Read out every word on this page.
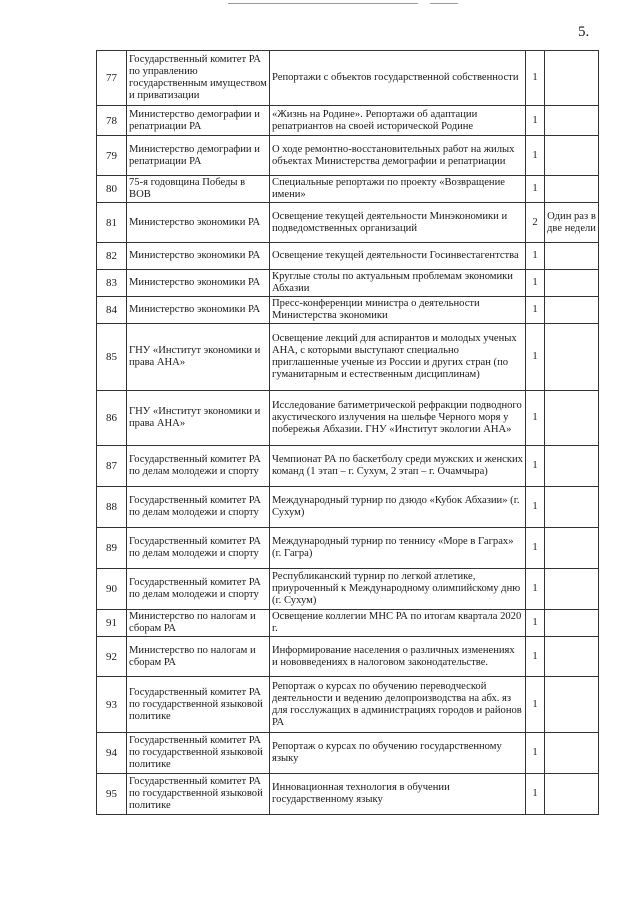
5.
77	Государственный комитет РА по управлению государственным имуществом и приватизации	Репортажи с объектов государственной собственности	1	
78	Министерство демографии и репатриации РА	«Жизнь на Родине». Репортажи об адаптации репатриантов на своей исторической Родине	1	
79	Министерство демографии и репатриации РА	О ходе ремонтно-восстановительных работ на жилых объектах Министерства демографии и репатриации	1	
80	75-я годовщина Победы в ВОВ	Специальные репортажи по проекту «Возвращение имени»	1	
81	Министерство экономики РА	Освещение текущей деятельности Минэкономики и подведомственных организаций	2	Один раз в две недели
82	Министерство экономики РА	Освещение текущей деятельности Госинвестагентства	1	
83	Министерство экономики РА	Круглые столы по актуальным проблемам экономики Абхазии	1	
84	Министерство экономики РА	Пресс-конференции министра о деятельности Министерства экономики	1	
85	ГНУ «Институт экономики и права АНА»	Освещение лекций для аспирантов и молодых ученых АНА, с которыми выступают специально приглашенные ученые из России и других стран (по гуманитарным и естественным дисциплинам)	1	
86	ГНУ «Институт экономики и права АНА»	Исследование батиметрической рефракции подводного акустического излучения на шельфе Черного моря у побережья Абхазии. ГНУ «Институт экологии АНА»	1	
87	Государственный комитет РА по делам молодежи и спорту	Чемпионат РА по баскетболу среди мужских и женских команд (1 этап – г. Сухум, 2 этап – г. Очамчыра)	1	
88	Государственный комитет РА по делам молодежи и спорту	Международный турнир по дзюдо «Кубок Абхазии» (г. Сухум)	1	
89	Государственный комитет РА по делам молодежи и спорту	Международный турнир по теннису «Море в Гаграх» (г. Гагра)	1	
90	Государственный комитет РА по делам молодежи и спорту	Республиканский турнир по легкой атлетике, приуроченный к Международному олимпийскому дню (г. Сухум)	1	
91	Министерство по налогам и сборам РА	Освещение коллегии МНС РА по итогам квартала 2020 г.	1	
92	Министерство по налогам и сборам РА	Информирование населения о различных изменениях и нововведениях в налоговом законодательстве.	1	
93	Государственный комитет РА по государственной языковой политике	Репортаж о курсах по обучению переводческой деятельности и ведению делопроизводства на абх. яз для госслужащих в администрациях городов и районов РА	1	
94	Государственный комитет РА по государственной языковой политике	Репортаж о курсах по обучению государственному языку	1	
95	Государственный комитет РА по государственной языковой политике	Инновационная технология в обучении государственному языку	1	
